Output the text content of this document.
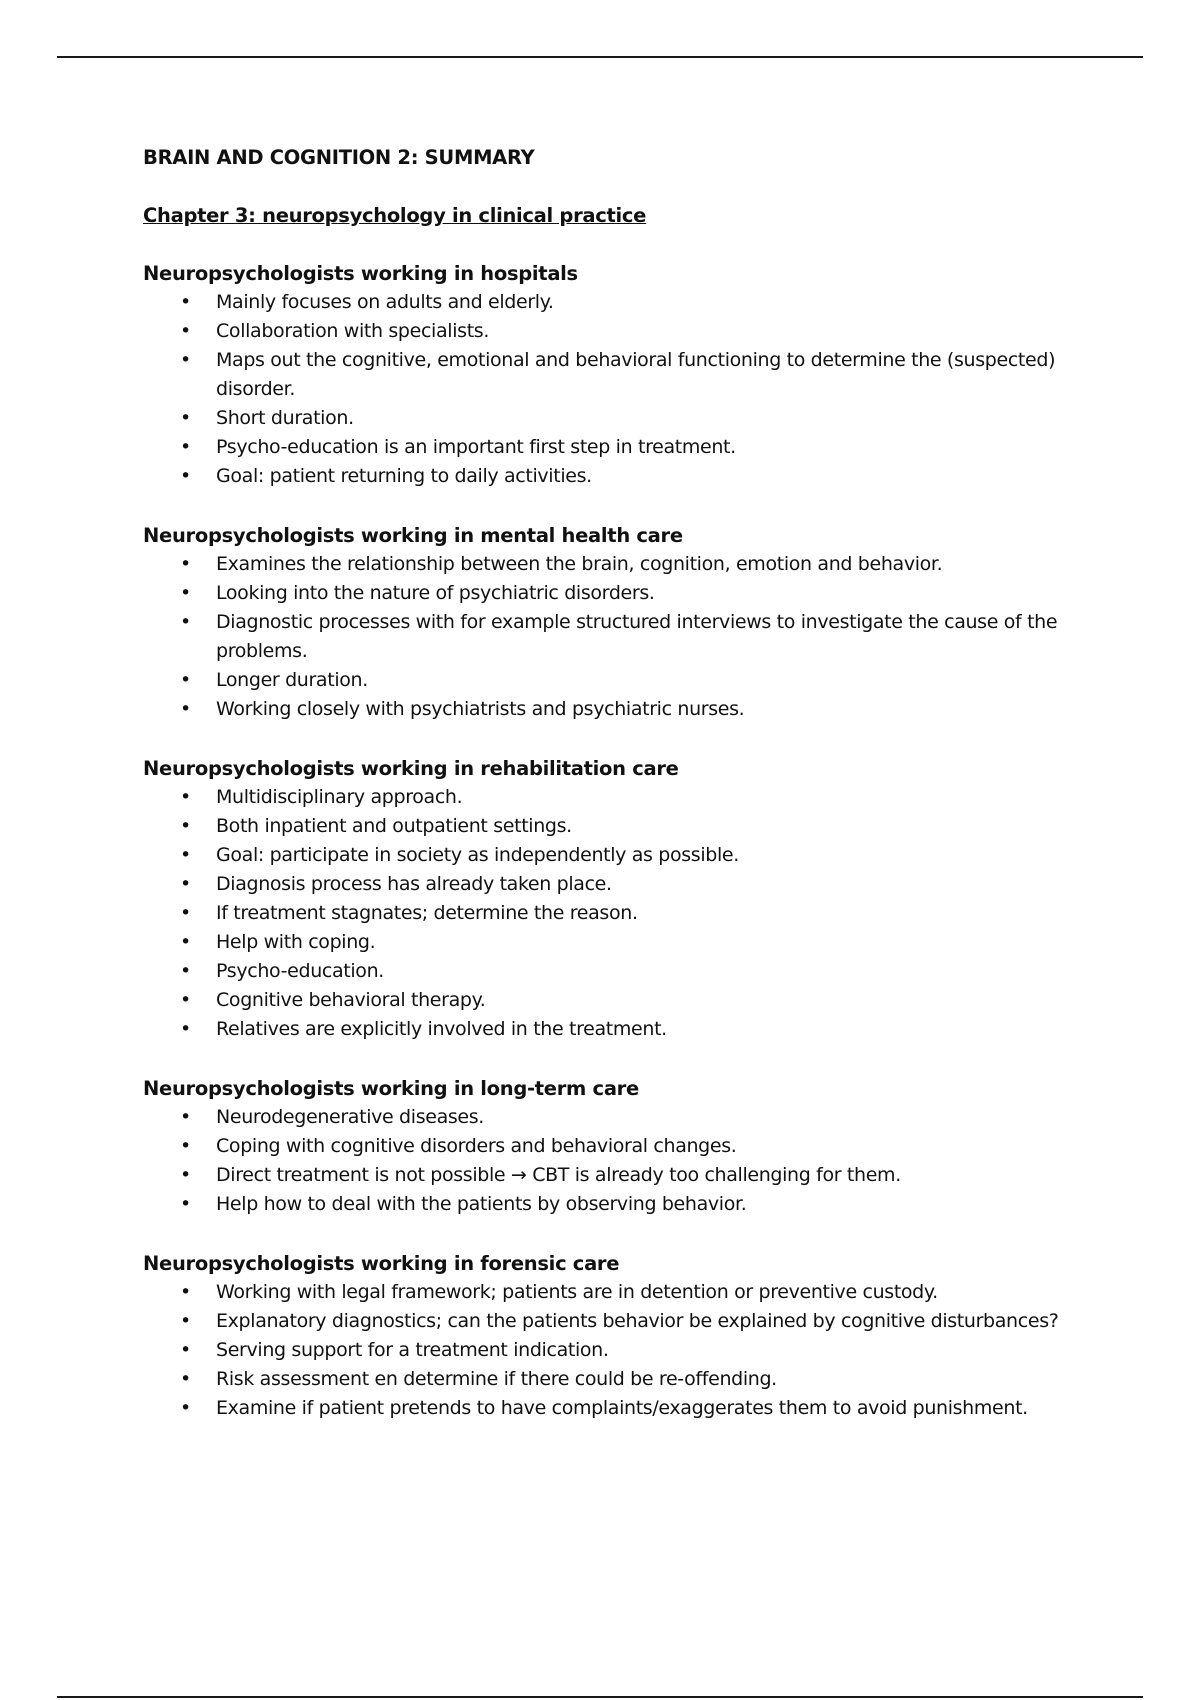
BRAIN AND COGNITION 2: SUMMARY
Chapter 3: neuropsychology in clinical practice
Neuropsychologists working in hospitals
• Mainly focuses on adults and elderly.
• Collaboration with specialists.
• Maps out the cognitive, emotional and behavioral functioning to determine the (suspected) disorder.
• Short duration.
• Psycho-education is an important first step in treatment.
• Goal: patient returning to daily activities.
Neuropsychologists working in mental health care
• Examines the relationship between the brain, cognition, emotion and behavior.
• Looking into the nature of psychiatric disorders.
• Diagnostic processes with for example structured interviews to investigate the cause of the problems.
• Longer duration.
• Working closely with psychiatrists and psychiatric nurses.
Neuropsychologists working in rehabilitation care
• Multidisciplinary approach.
• Both inpatient and outpatient settings.
• Goal: participate in society as independently as possible.
• Diagnosis process has already taken place.
• If treatment stagnates; determine the reason.
• Help with coping.
• Psycho-education.
• Cognitive behavioral therapy.
• Relatives are explicitly involved in the treatment.
Neuropsychologists working in long-term care
• Neurodegenerative diseases.
• Coping with cognitive disorders and behavioral changes.
• Direct treatment is not possible → CBT is already too challenging for them.
• Help how to deal with the patients by observing behavior.
Neuropsychologists working in forensic care
• Working with legal framework; patients are in detention or preventive custody.
• Explanatory diagnostics; can the patients behavior be explained by cognitive disturbances?
• Serving support for a treatment indication.
• Risk assessment en determine if there could be re-offending.
• Examine if patient pretends to have complaints/exaggerates them to avoid punishment.
